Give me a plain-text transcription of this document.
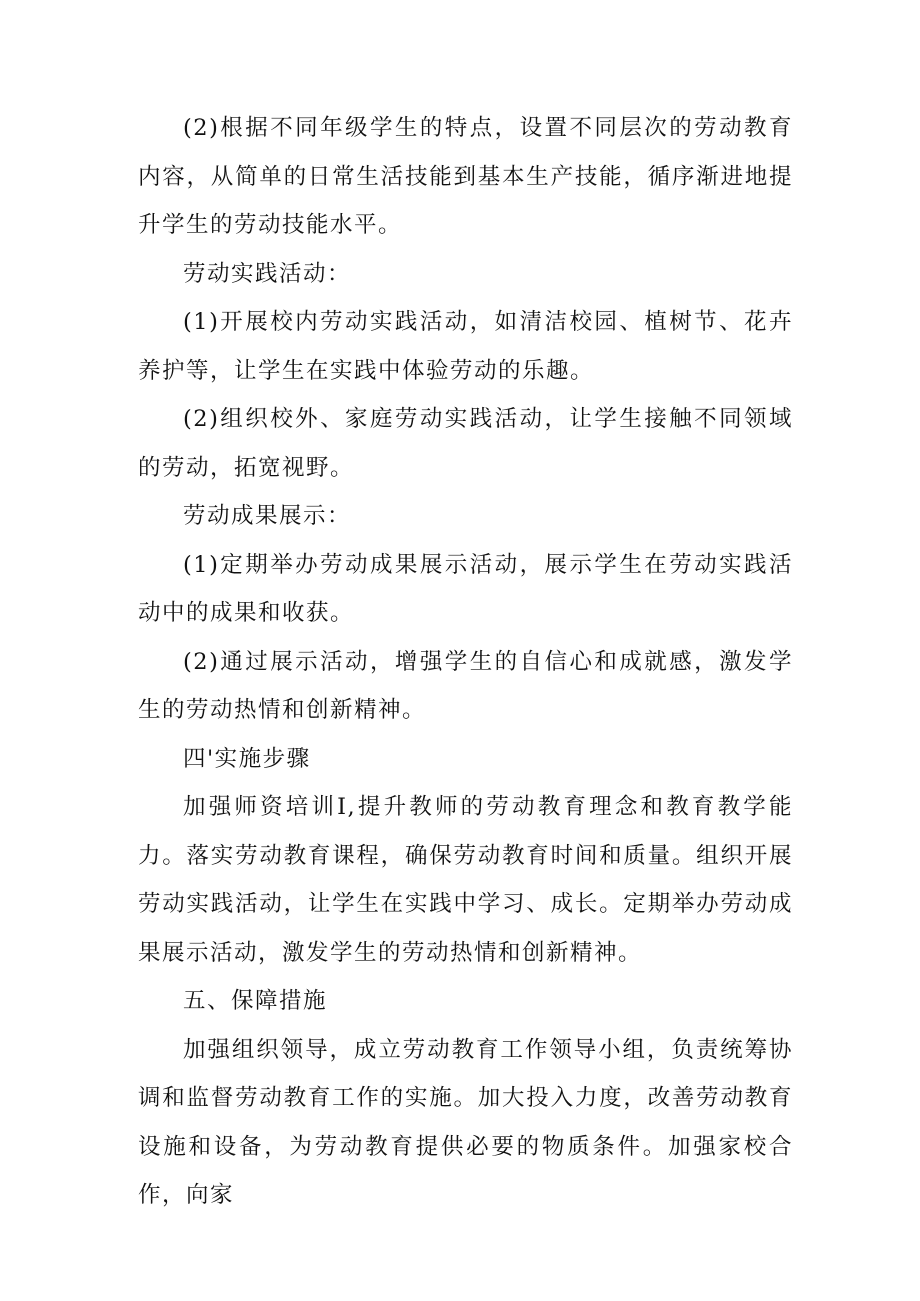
(2)根据不同年级学生的特点，设置不同层次的劳动教育内容，从简单的日常生活技能到基本生产技能，循序渐进地提升学生的劳动技能水平。

劳动实践活动：

(1)开展校内劳动实践活动，如清洁校园、植树节、花卉养护等，让学生在实践中体验劳动的乐趣。

(2)组织校外、家庭劳动实践活动，让学生接触不同领域的劳动，拓宽视野。

劳动成果展示：

(1)定期举办劳动成果展示活动，展示学生在劳动实践活动中的成果和收获。

(2)通过展示活动，增强学生的自信心和成就感，激发学生的劳动热情和创新精神。

四'实施步骤

加强师资培训I,提升教师的劳动教育理念和教育教学能力。落实劳动教育课程，确保劳动教育时间和质量。组织开展劳动实践活动，让学生在实践中学习、成长。定期举办劳动成果展示活动，激发学生的劳动热情和创新精神。

五、保障措施

加强组织领导，成立劳动教育工作领导小组，负责统筹协调和监督劳动教育工作的实施。加大投入力度，改善劳动教育设施和设备，为劳动教育提供必要的物质条件。加强家校合作，向家
